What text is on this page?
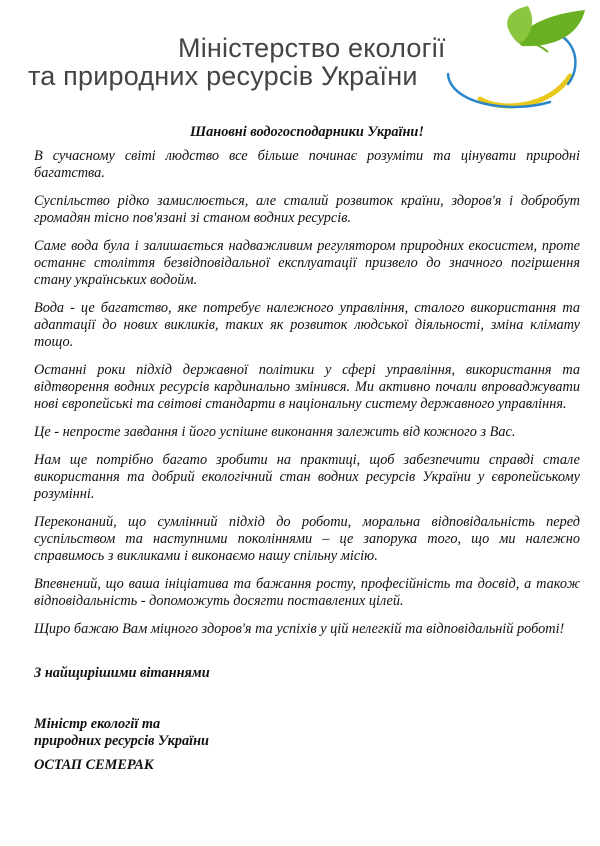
Міністерство екології
та природних ресурсів України

Шановні водогосподарники України!

В сучасному світі людство все більше починає розуміти та цінувати природні багатства.

Суспільство рідко замислюється, але сталий розвиток країни, здоров'я і добробут громадян тісно пов'язані зі станом водних ресурсів.

Саме вода була і залишається надважливим регулятором природних екосистем, проте останнє століття безвідповідальної експлуатації призвело до значного погіршення стану українських водойм.

Вода - це багатство, яке потребує належного управління, сталого використання та адаптації до нових викликів, таких як розвиток людської діяльності, зміна клімату тощо.

Останні роки підхід державної політики у сфері управління, використання та відтворення водних ресурсів кардинально змінився. Ми активно почали впроваджувати нові європейські та світові стандарти в національну систему державного управління.

Це - непросте завдання і його успішне виконання залежить від кожного з Вас.

Нам ще потрібно багато зробити на практиці, щоб забезпечити справді стале використання та добрий екологічний стан водних ресурсів України у європейському розумінні.

Переконаний, що сумлінний підхід до роботи, моральна відповідальність перед суспільством та наступними поколіннями – це запорука того, що ми належно справимось з викликами і виконаємо нашу спільну місію.

Впевнений, що ваша ініціатива та бажання росту, професійність та досвід, а також відповідальність - допоможуть досягти поставлених цілей.

Щиро бажаю Вам міцного здоров'я та успіхів у цій нелегкій та відповідальній роботі!

З найщирішими вітаннями
Міністр екології та
природних ресурсів України
ОСТАП СЕМЕРАК
